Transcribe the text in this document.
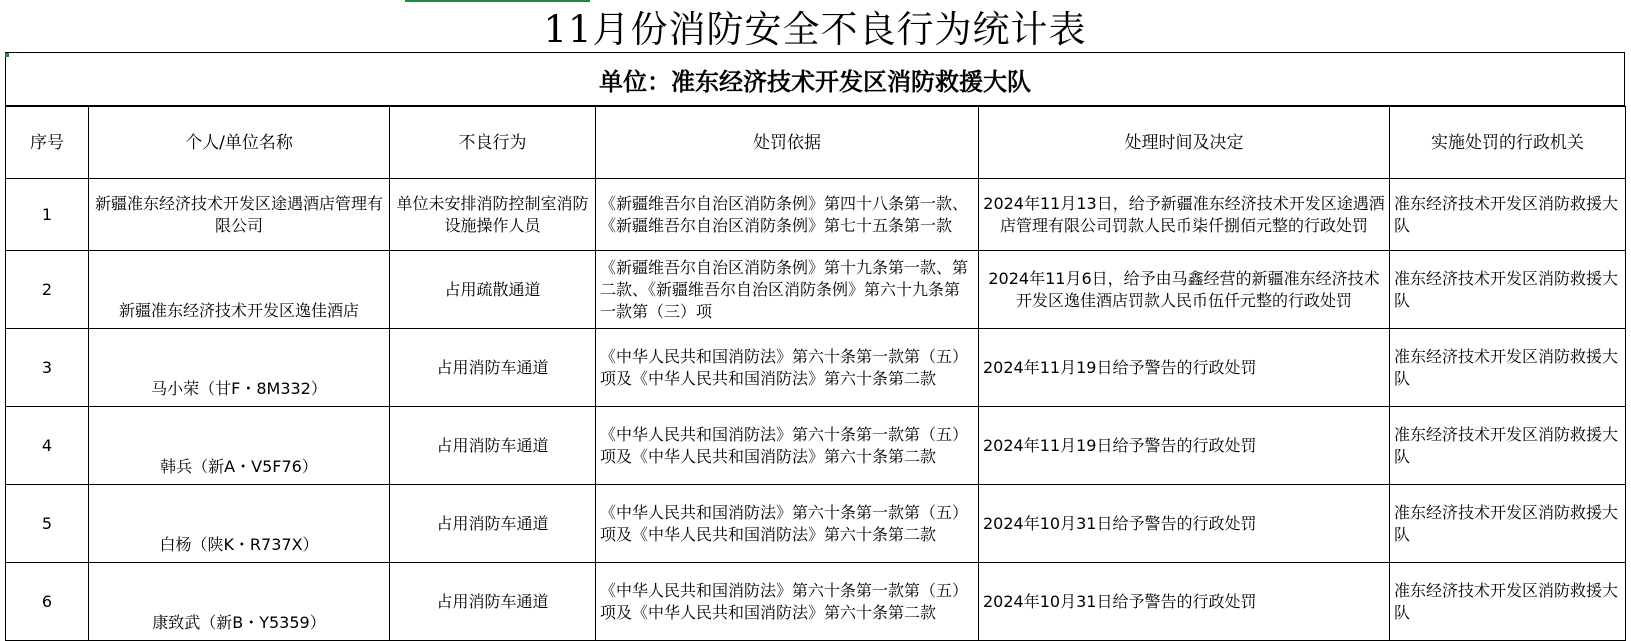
11月份消防安全不良行为统计表
单位：准东经济技术开发区消防救援大队
序号	个人/单位名称	不良行为	处罚依据	处理时间及决定	实施处罚的行政机关
1	新疆准东经济技术开发区途遇酒店管理有限公司	单位未安排消防控制室消防设施操作人员	《新疆维吾尔自治区消防条例》第四十八条第一款、《新疆维吾尔自治区消防条例》第七十五条第一款	2024年11月13日，给予新疆准东经济技术开发区途遇酒店管理有限公司罚款人民币柒仟捌佰元整的行政处罚	准东经济技术开发区消防救援大队
2	新疆准东经济技术开发区逸佳酒店	占用疏散通道	《新疆维吾尔自治区消防条例》第十九条第一款、第二款、《新疆维吾尔自治区消防条例》第六十九条第一款第（三）项	2024年11月6日，给予由马鑫经营的新疆准东经济技术开发区逸佳酒店罚款人民币伍仟元整的行政处罚	准东经济技术开发区消防救援大队
3	马小荣（甘F・8M332）	占用消防车通道	《中华人民共和国消防法》第六十条第一款第（五）项及《中华人民共和国消防法》第六十条第二款	2024年11月19日给予警告的行政处罚	准东经济技术开发区消防救援大队
4	韩兵（新A・V5F76）	占用消防车通道	《中华人民共和国消防法》第六十条第一款第（五）项及《中华人民共和国消防法》第六十条第二款	2024年11月19日给予警告的行政处罚	准东经济技术开发区消防救援大队
5	白杨（陕K・R737X）	占用消防车通道	《中华人民共和国消防法》第六十条第一款第（五）项及《中华人民共和国消防法》第六十条第二款	2024年10月31日给予警告的行政处罚	准东经济技术开发区消防救援大队
6	康致武（新B・Y5359）	占用消防车通道	《中华人民共和国消防法》第六十条第一款第（五）项及《中华人民共和国消防法》第六十条第二款	2024年10月31日给予警告的行政处罚	准东经济技术开发区消防救援大队
